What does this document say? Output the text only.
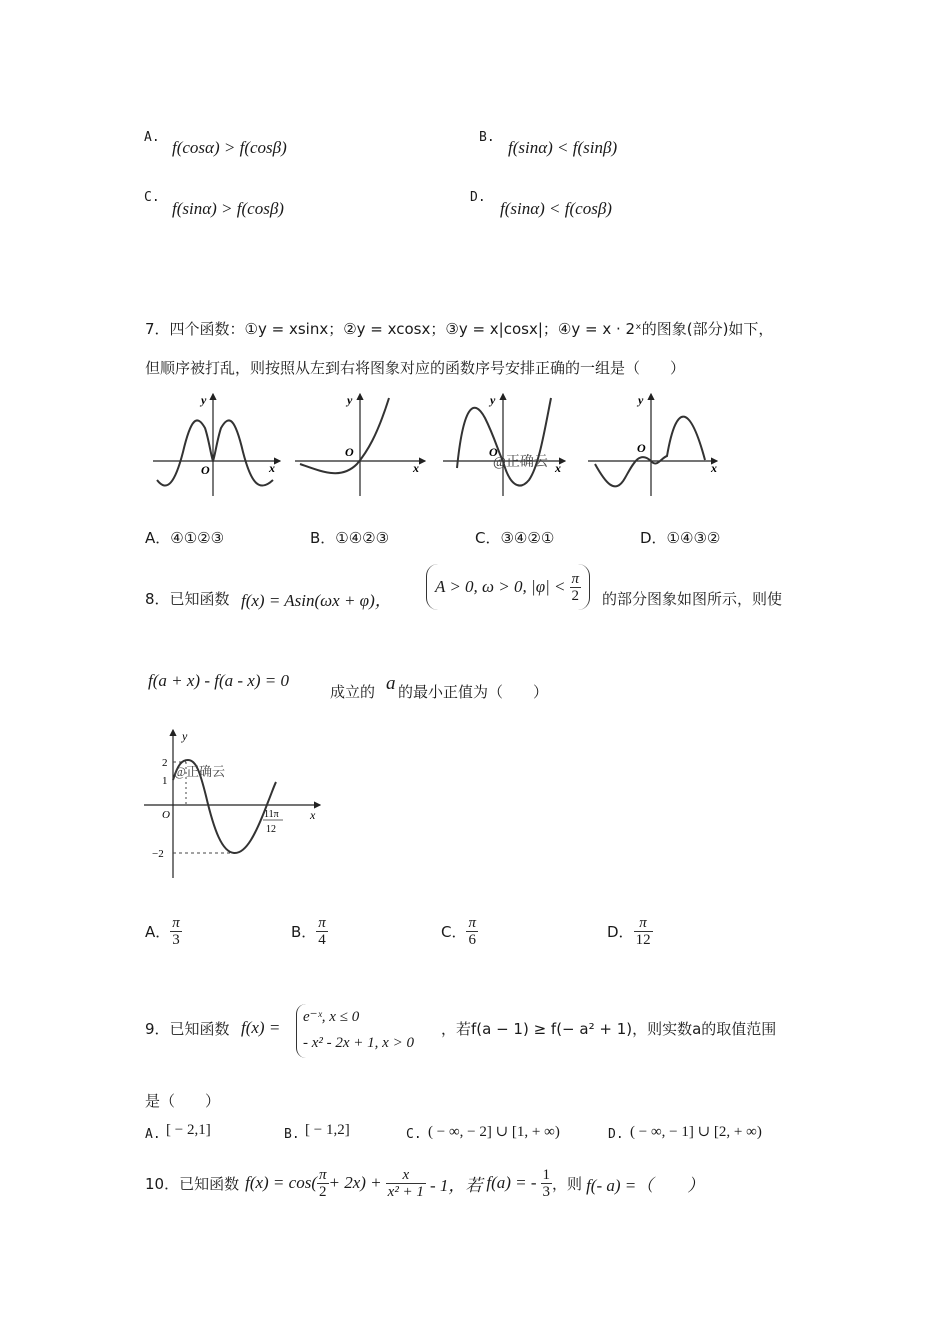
A.
f(cosα) > f(cosβ)
B.
f(sinα) < f(sinβ)
C.
f(sinα) > f(cosβ)
D.
f(sinα) < f(cosβ)
7．四个函数：①y = xsinx；②y = xcosx；③y = x|cosx|；④y = x · 2ˣ的图象(部分)如下，
但顺序被打乱，则按照从左到右将图象对应的函数序号安排正确的一组是（　　）
O
y
x
O
y
x
O
y
x
@正确云
O
y
x
A．④①②③	B．①④②③	C．③④②①	D．①④③②
8．已知函数 f(x) = Asin(ωx + φ)，
A > 0, ω > 0, $|\varphi| < \frac{\pi}{2}$ 的部分图象如图所示，则使
f(a + x) - f(a - x) = 0
成立的 a 的最小正值为（　　）
y
x
O
2
1
−2
11π
12
@正确云
A． $\frac{\pi}{3}$	B． $\frac{\pi}{4}$	C． $\frac{\pi}{6}$	D． $\frac{\pi}{12}$
9．已知函数 f(x) =
e⁻ˣ, x ≤ 0
- x² - 2x + 1, x > 0
，若f(a − 1) ≥ f(− a² + 1)，则实数a的取值范围
是（　　）
A. [ − 2,1]	B. [ − 1,2]	C. ( − ∞, − 2] ∪ [1, + ∞)	D. ( − ∞, − 1] ∪ [2, + ∞)
10．已知函数 $f(x) = \cos( \frac{\pi}{2} + 2x) + \frac{x}{\text{x² + 1}} - 1$，若 f(a) = - $\frac{1}{3}$ ，则 f(- a) =（　　）
